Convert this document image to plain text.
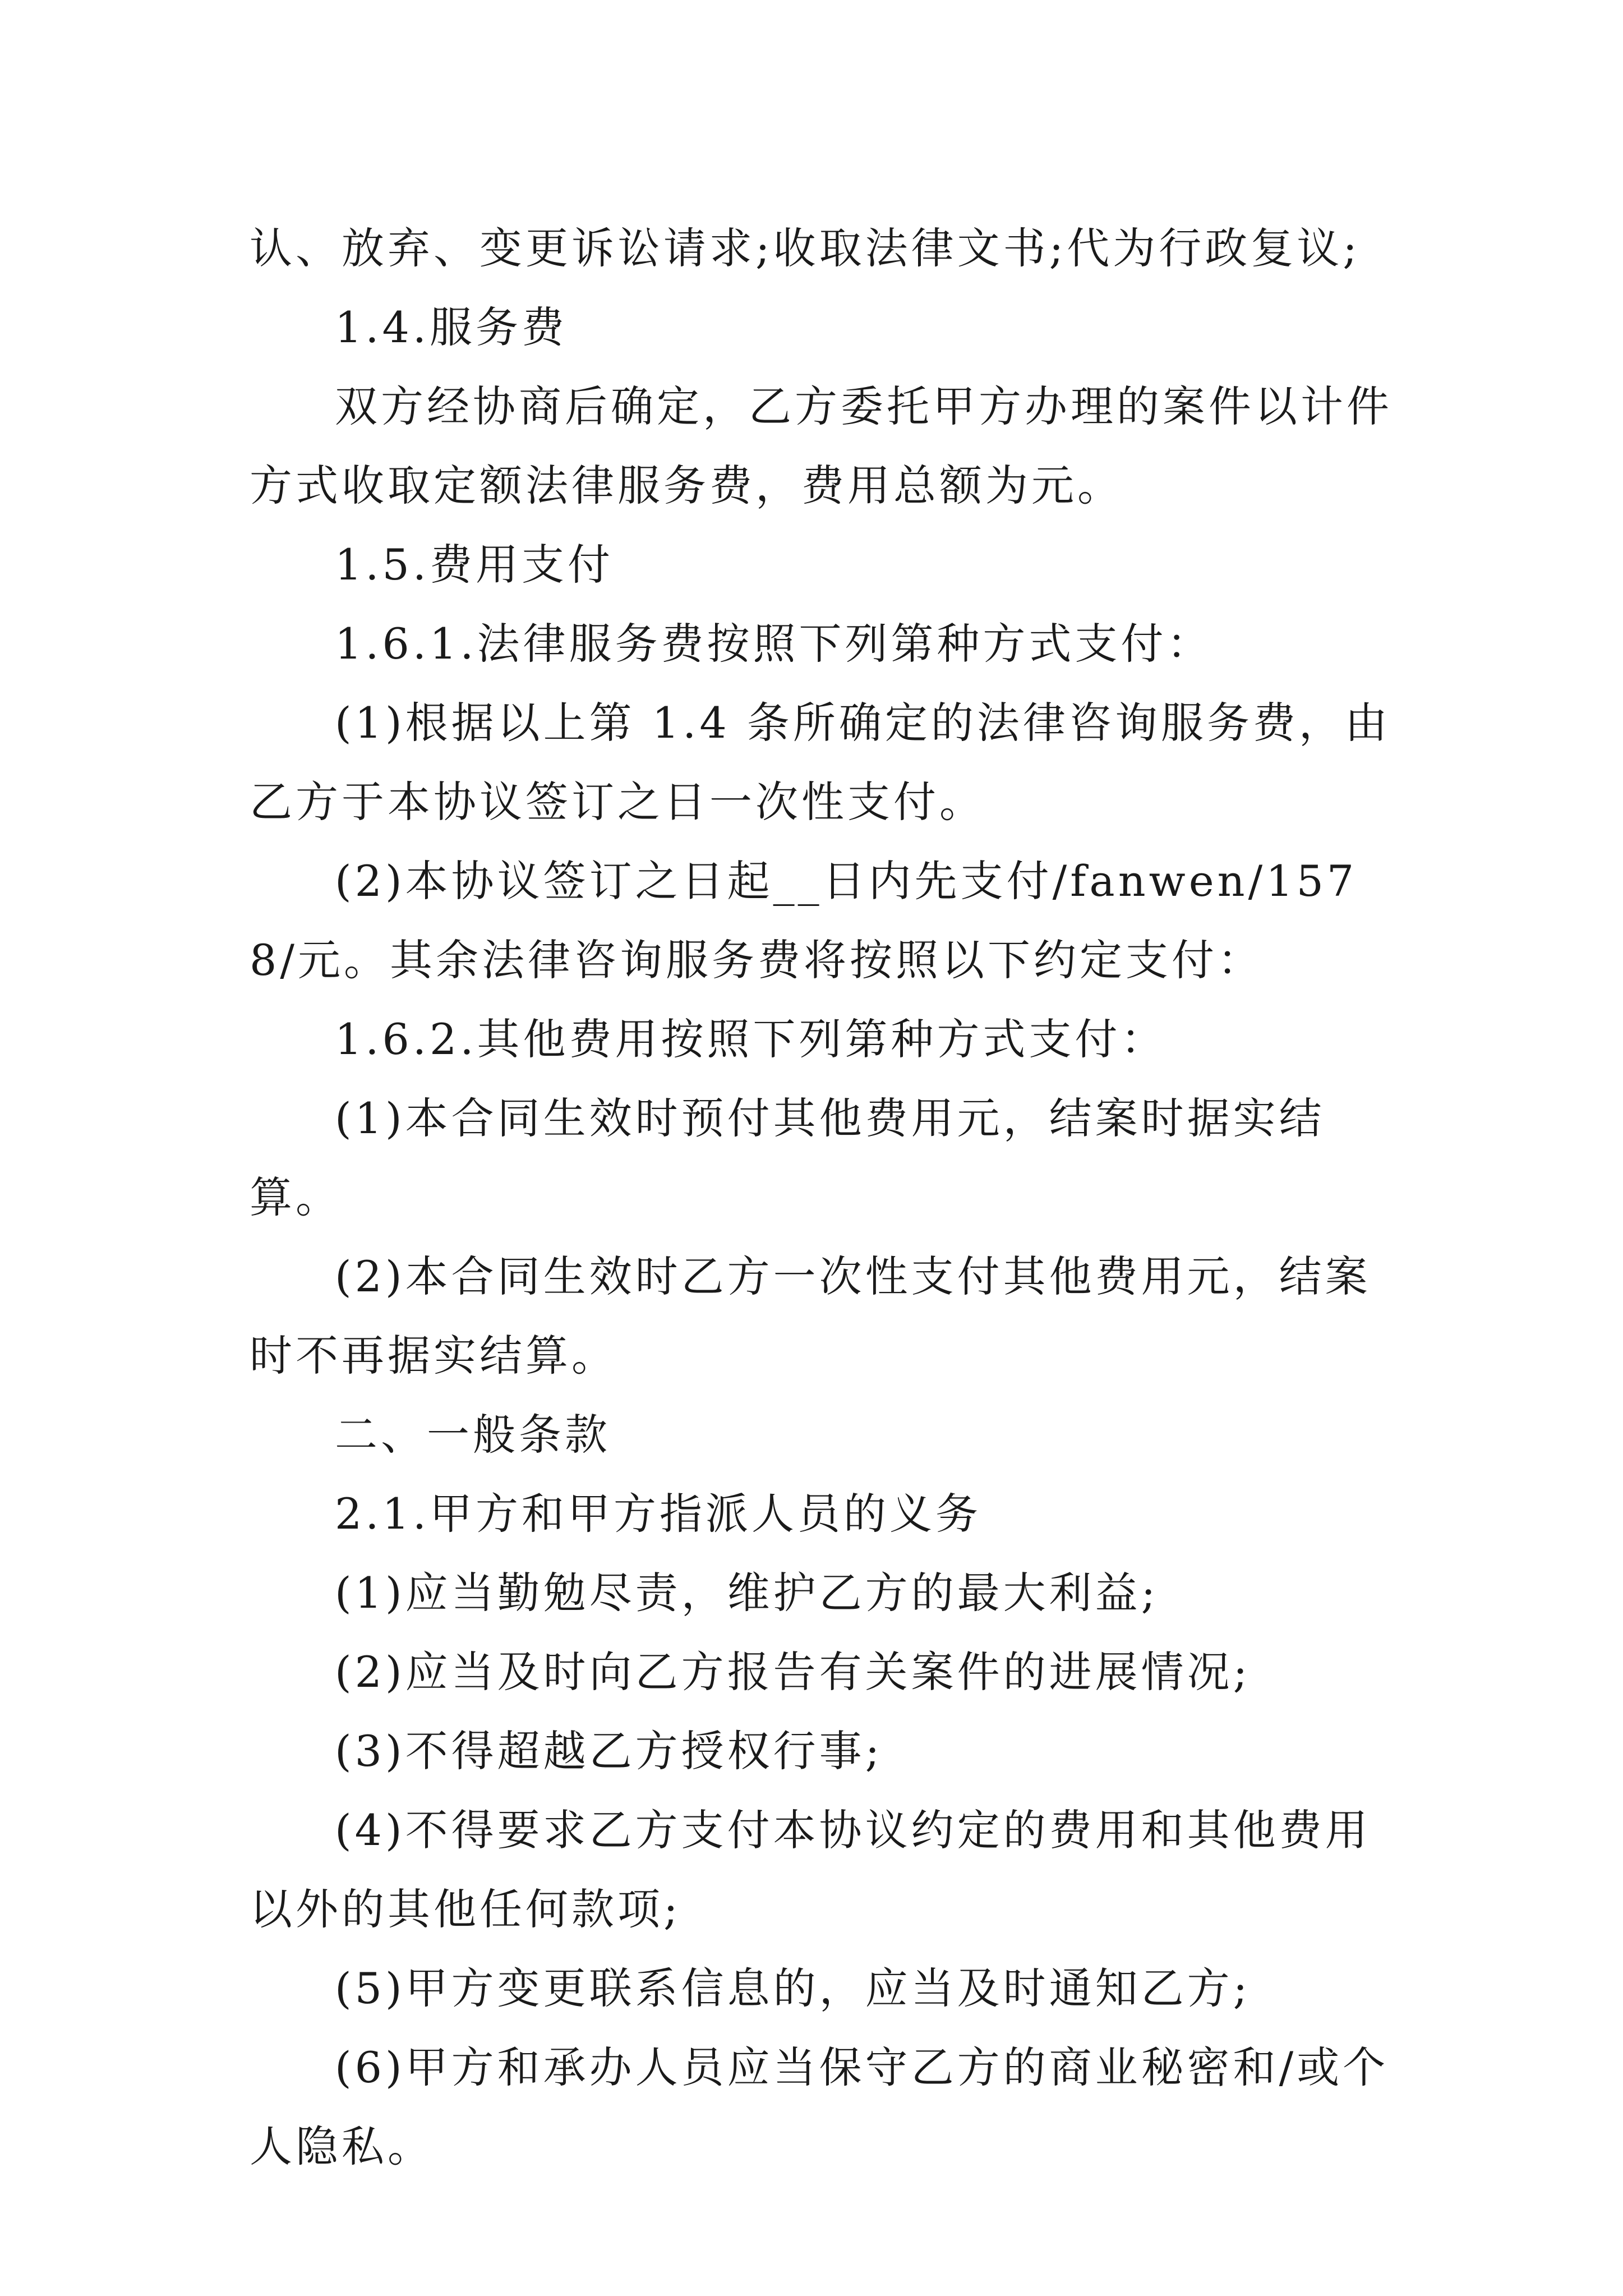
认、放弃、变更诉讼请求;收取法律文书;代为行政复议;

1.4.服务费

双方经协商后确定，乙方委托甲方办理的案件以计件方式收取定额法律服务费，费用总额为元。

1.5.费用支付

1.6.1.法律服务费按照下列第种方式支付：

(1)根据以上第 1.4 条所确定的法律咨询服务费，由乙方于本协议签订之日一次性支付。

(2)本协议签订之日起__日内先支付/fanwen/1578/元。其余法律咨询服务费将按照以下约定支付：

1.6.2.其他费用按照下列第种方式支付：

(1)本合同生效时预付其他费用元，结案时据实结算。

(2)本合同生效时乙方一次性支付其他费用元，结案时不再据实结算。

二、一般条款

2.1.甲方和甲方指派人员的义务

(1)应当勤勉尽责，维护乙方的最大利益;

(2)应当及时向乙方报告有关案件的进展情况;

(3)不得超越乙方授权行事;

(4)不得要求乙方支付本协议约定的费用和其他费用以外的其他任何款项;

(5)甲方变更联系信息的，应当及时通知乙方;

(6)甲方和承办人员应当保守乙方的商业秘密和/或个人隐私。
